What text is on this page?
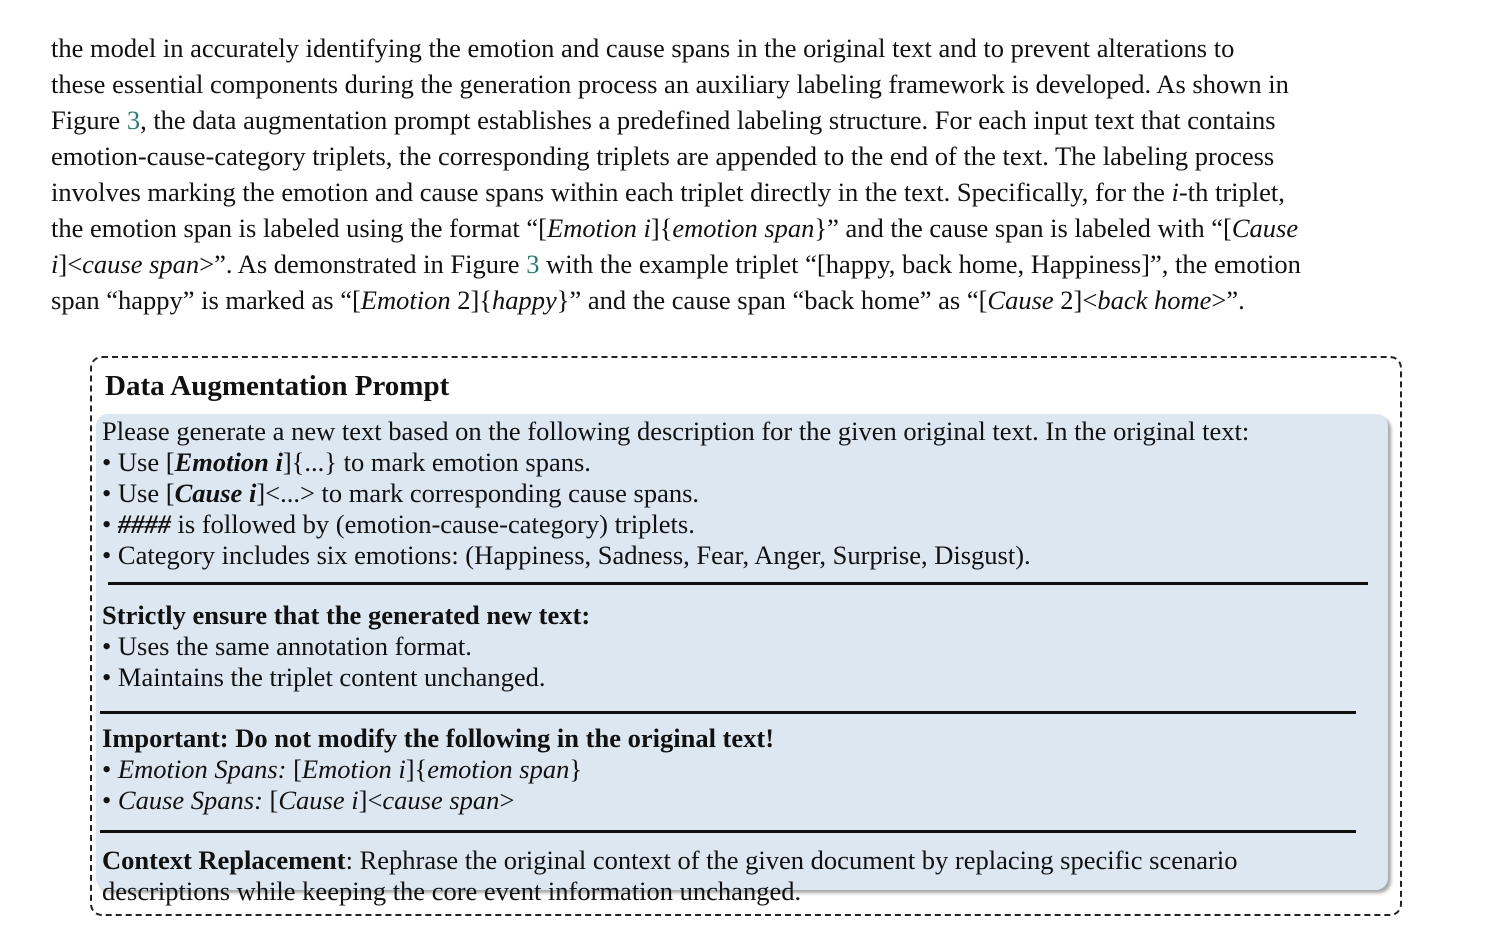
the model in accurately identifying the emotion and cause spans in the original text and to prevent alterations to

these essential components during the generation process an auxiliary labeling framework is developed. As shown in

Figure 3, the data augmentation prompt establishes a predefined labeling structure. For each input text that contains

emotion-cause-category triplets, the corresponding triplets are appended to the end of the text. The labeling process

involves marking the emotion and cause spans within each triplet directly in the text. Specifically, for the i-th triplet,

the emotion span is labeled using the format “[Emotion i]{emotion span}” and the cause span is labeled with “[Cause

i]<cause span>”. As demonstrated in Figure 3 with the example triplet “[happy, back home, Happiness]”, the emotion

span “happy” is marked as “[Emotion 2]{happy}” and the cause span “back home” as “[Cause 2]<back home>”.

Data Augmentation Prompt
Please generate a new text based on the following description for the given original text. In the original text:
• Use [Emotion i]{...} to mark emotion spans.
• Use [Cause i]<...> to mark corresponding cause spans.
• #### is followed by (emotion-cause-category) triplets.
• Category includes six emotions: (Happiness, Sadness, Fear, Anger, Surprise, Disgust).
Strictly ensure that the generated new text:
• Uses the same annotation format.
• Maintains the triplet content unchanged.
Important: Do not modify the following in the original text!
• Emotion Spans: [Emotion i]{emotion span}
• Cause Spans: [Cause i]<cause span>
Context Replacement: Rephrase the original context of the given document by replacing specific scenario
descriptions while keeping the core event information unchanged.
